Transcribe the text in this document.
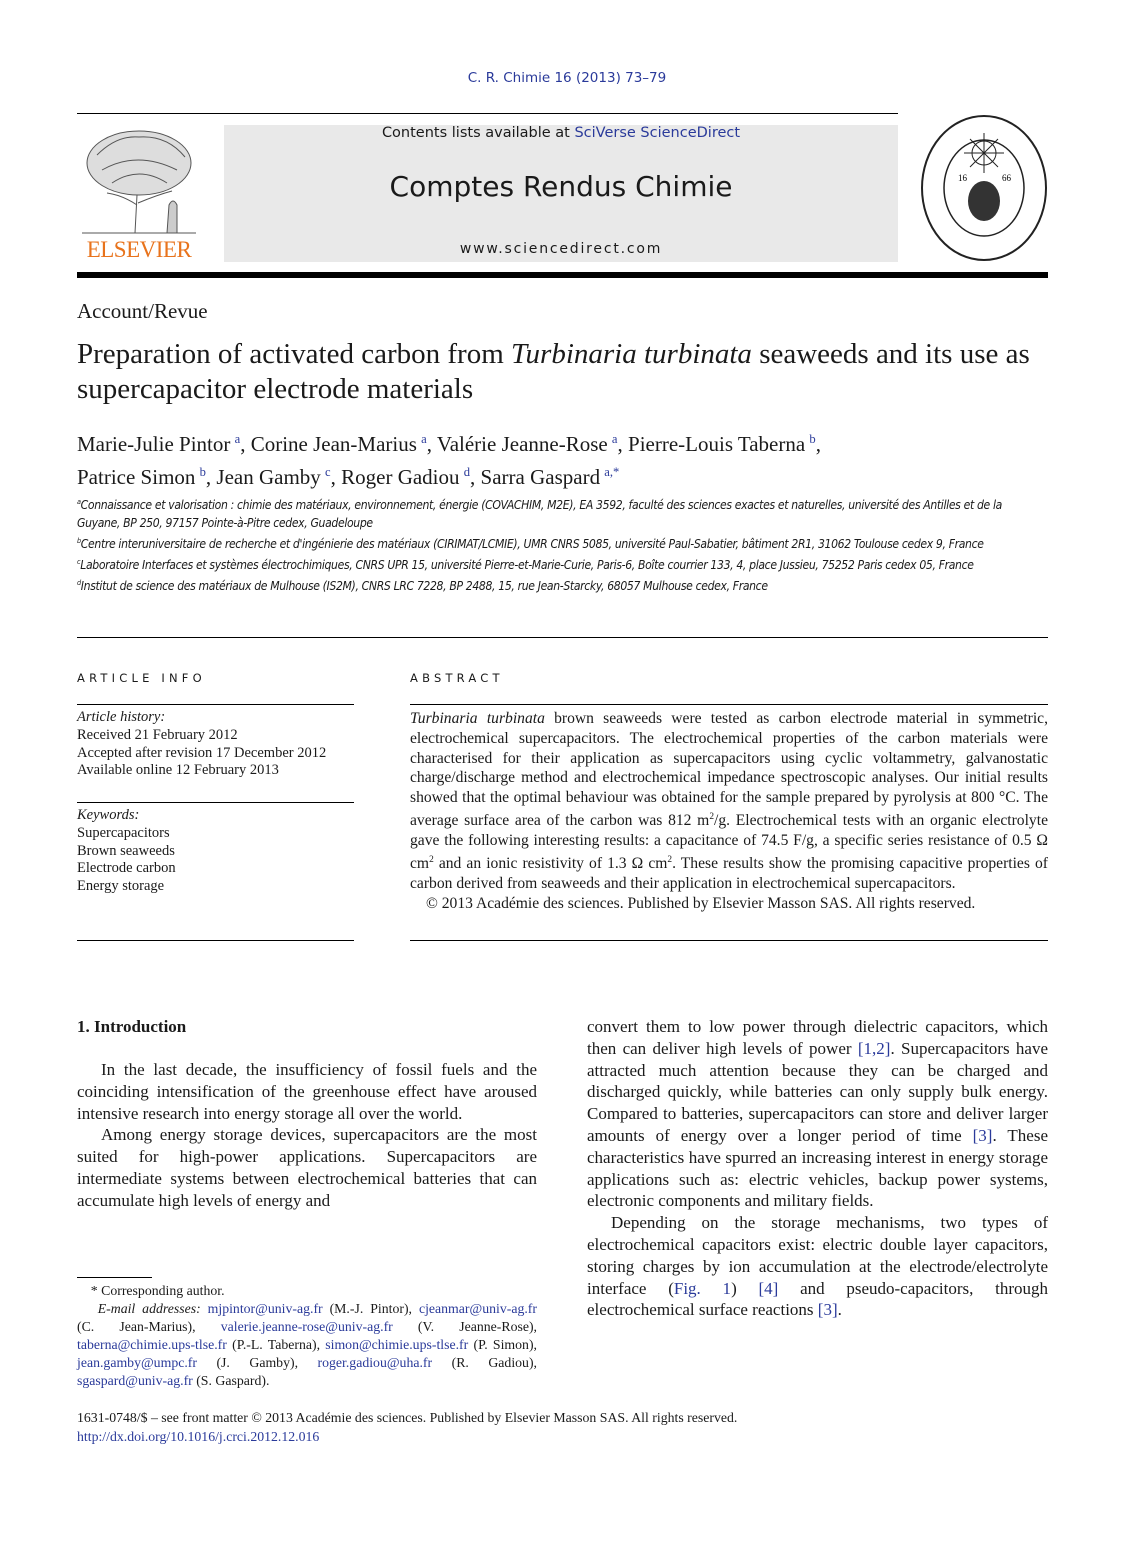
C. R. Chimie 16 (2013) 73–79
ELSEVIER
Contents lists available at SciVerse ScienceDirect
Comptes Rendus Chimie
www.sciencedirect.com
16	66
Account/Revue
Preparation of activated carbon from Turbinaria turbinata seaweeds and its use as supercapacitor electrode materials
Marie-Julie Pintor  $^a$, Corine Jean-Marius  $^a$, Valérie Jeanne-Rose  $^a$, Pierre-Louis Taberna  $^b$,
Patrice Simon  $^b$, Jean Gamby  $^c$, Roger Gadiou  $^d$, Sarra Gaspard  $^{a,*}$
$^a$Connaissance et valorisation : chimie des matériaux, environnement, énergie (COVACHIM, M2E), EA 3592, faculté des sciences exactes et naturelles, université des Antilles et de la Guyane, BP 250, 97157 Pointe-à-Pitre cedex, Guadeloupe
$^b$Centre interuniversitaire de recherche et d'ingénierie des matériaux (CIRIMAT/LCMIE), UMR CNRS 5085, université Paul-Sabatier, bâtiment 2R1, 31062 Toulouse cedex 9, France
$^c$Laboratoire Interfaces et systèmes électrochimiques, CNRS UPR 15, université Pierre-et-Marie-Curie, Paris-6, Boîte courrier 133, 4, place Jussieu, 75252 Paris cedex 05, France
$^d$Institut de science des matériaux de Mulhouse (IS2M), CNRS LRC 7228, BP 2488, 15, rue Jean-Starcky, 68057 Mulhouse cedex, France
ARTICLE INFO	ABSTRACT
Article history:
Received 21 February 2012
Accepted after revision 17 December 2012
Available online 12 February 2013
Keywords:
Supercapacitors
Brown seaweeds
Electrode carbon
Energy storage
Turbinaria turbinata brown seaweeds were tested as carbon electrode material in symmetric, electrochemical supercapacitors. The electrochemical properties of the carbon materials were characterised for their application as supercapacitors using cyclic voltammetry, galvanostatic charge/discharge method and electrochemical impedance spectroscopic analyses. Our initial results showed that the optimal behaviour was obtained for the sample prepared by pyrolysis at 800 °C. The average surface area of the carbon was 812 $m^2/g$. Electrochemical tests with an organic electrolyte gave the following interesting results: a capacitance of 74.5 F/g, a specific series resistance of 0.5 Ω $cm^2$ and an ionic resistivity of 1.3 Ω $cm^2$. These results show the promising capacitive properties of carbon derived from seaweeds and their application in electrochemical supercapacitors.
© 2013 Académie des sciences. Published by Elsevier Masson SAS. All rights reserved.
1. Introduction

In the last decade, the insufficiency of fossil fuels and the coinciding intensification of the greenhouse effect have aroused intensive research into energy storage all over the world.

Among energy storage devices, supercapacitors are the most suited for high-power applications. Supercapacitors are intermediate systems between electrochemical batteries that can accumulate high levels of energy and

convert them to low power through dielectric capacitors, which then can deliver high levels of power [1,2]. Supercapacitors have attracted much attention because they can be charged and discharged quickly, while batteries can only supply bulk energy. Compared to batteries, supercapacitors can store and deliver larger amounts of energy over a longer period of time [3]. These characteristics have spurred an increasing interest in energy storage applications such as: electric vehicles, backup power systems, electronic components and military fields.

Depending on the storage mechanisms, two types of electrochemical capacitors exist: electric double layer capacitors, storing charges by ion accumulation at the electrode/electrolyte interface (Fig. 1) [4] and pseudo-capacitors, through electrochemical surface reactions [3].

  * Corresponding author.
  E-mail addresses: mjpintor@univ-ag.fr (M.-J. Pintor), cjeanmar@univ-ag.fr (C. Jean-Marius), valerie.jeanne-rose@univ-ag.fr (V. Jeanne-Rose), taberna@chimie.ups-tlse.fr (P.-L. Taberna), simon@chimie.ups-tlse.fr (P. Simon), jean.gamby@umpc.fr (J. Gamby), roger.gadiou@uha.fr (R. Gadiou), sgaspard@univ-ag.fr (S. Gaspard).
1631-0748/$ – see front matter © 2013 Académie des sciences. Published by Elsevier Masson SAS. All rights reserved.
http://dx.doi.org/10.1016/j.crci.2012.12.016
